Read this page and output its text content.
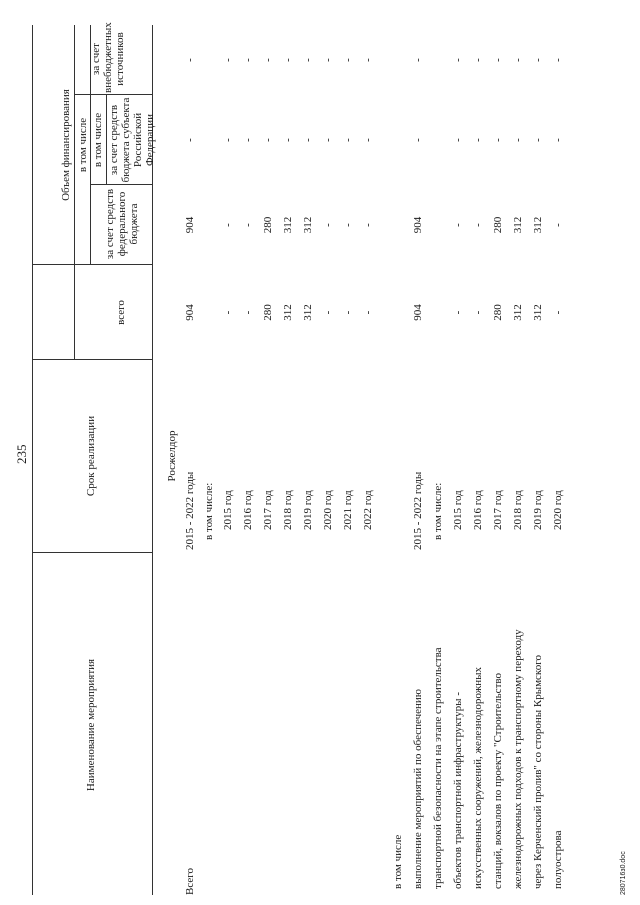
235
Наименование мероприятия
Срок реализации
Объем финансирования
всего
в том числе
за счет средств федерального бюджета
в том числе за счет средств бюджета субъекта Российской Федерации
за счет внебюджетных источников
Росжелдор
Всего
2015 - 2022 годы
904
904
-
-
в том числе: 2015 год
-
-
-
-
2016 год
-
-
-
-
2017 год
280
280
-
-
2018 год
312
312
-
-
2019 год
312
312
-
-
2020 год
-
-
-
-
2021 год
-
-
-
-
2022 год
-
-
-
-
в том числе выполнение мероприятий по обеспечению транспортной безопасности на этапе строительства объектов транспортной инфраструктуры - искусственных сооружений, железнодорожных станций, вокзалов по проекту "Строительство железнодорожных подходов к транспортному переходу через Керченский пролив" со стороны Крымского полуострова
2015 - 2022 годы
904
904
-
-
в том числе: 2015 год
-
-
-
-
2016 год
-
-
-
-
2017 год
280
280
-
-
2018 год
312
312
-
-
2019 год
312
312
-
-
2020 год
-
-
-
-
280716з0.doc
